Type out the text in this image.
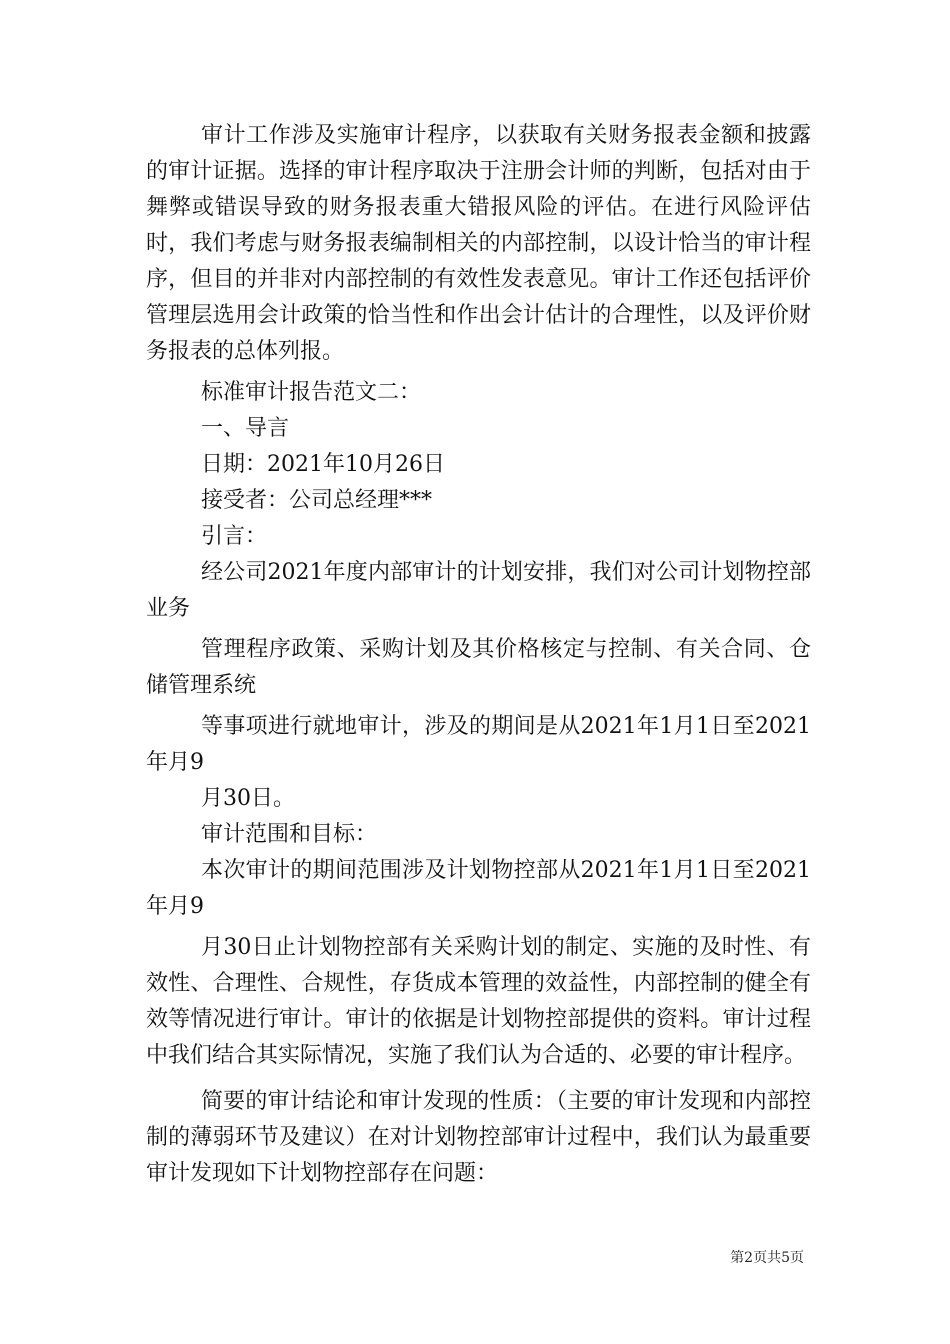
审计工作涉及实施审计程序，以获取有关财务报表金额和披露的审计证据。选择的审计程序取决于注册会计师的判断，包括对由于舞弊或错误导致的财务报表重大错报风险的评估。在进行风险评估时，我们考虑与财务报表编制相关的内部控制，以设计恰当的审计程序，但目的并非对内部控制的有效性发表意见。审计工作还包括评价管理层选用会计政策的恰当性和作出会计估计的合理性，以及评价财务报表的总体列报。

标准审计报告范文二：

一、导言

日期：2021年10月26日

接受者：公司总经理***

引言：

经公司2021年度内部审计的计划安排，我们对公司计划物控部业务

管理程序政策、采购计划及其价格核定与控制、有关合同、仓储管理系统

等事项进行就地审计，涉及的期间是从2021年1月1日至2021年月9

月30日。

审计范围和目标：

本次审计的期间范围涉及计划物控部从2021年1月1日至2021年月9

月30日止计划物控部有关采购计划的制定、实施的及时性、有效性、合理性、合规性，存货成本管理的效益性，内部控制的健全有效等情况进行审计。审计的依据是计划物控部提供的资料。审计过程中我们结合其实际情况，实施了我们认为合适的、必要的审计程序。

简要的审计结论和审计发现的性质：（主要的审计发现和内部控制的薄弱环节及建议）在对计划物控部审计过程中，我们认为最重要审计发现如下计划物控部存在问题：

第2页共5页
